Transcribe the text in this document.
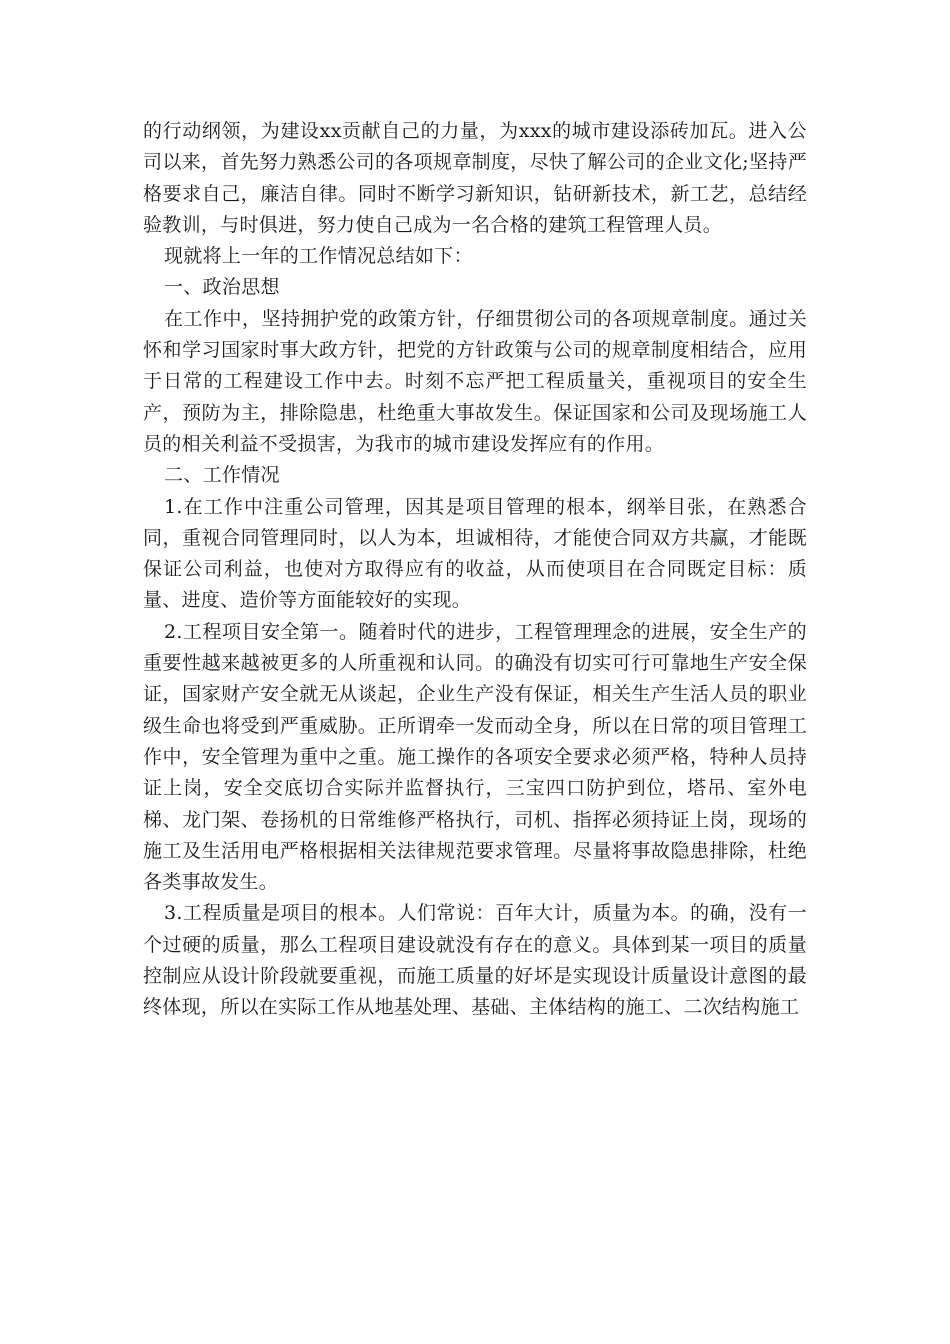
的行动纲领，为建设xx贡献自己的力量，为xxx的城市建设添砖加瓦。进入公司以来，首先努力熟悉公司的各项规章制度，尽快了解公司的企业文化;坚持严格要求自己，廉洁自律。同时不断学习新知识，钻研新技术，新工艺，总结经验教训，与时俱进，努力使自己成为一名合格的建筑工程管理人员。

现就将上一年的工作情况总结如下：

一、政治思想

在工作中，坚持拥护党的政策方针，仔细贯彻公司的各项规章制度。通过关怀和学习国家时事大政方针，把党的方针政策与公司的规章制度相结合，应用于日常的工程建设工作中去。时刻不忘严把工程质量关，重视项目的安全生产，预防为主，排除隐患，杜绝重大事故发生。保证国家和公司及现场施工人员的相关利益不受损害，为我市的城市建设发挥应有的作用。

二、工作情况

1.在工作中注重公司管理，因其是项目管理的根本，纲举目张，在熟悉合同，重视合同管理同时，以人为本，坦诚相待，才能使合同双方共赢，才能既保证公司利益，也使对方取得应有的收益，从而使项目在合同既定目标：质量、进度、造价等方面能较好的实现。

2.工程项目安全第一。随着时代的进步，工程管理理念的进展，安全生产的重要性越来越被更多的人所重视和认同。的确没有切实可行可靠地生产安全保证，国家财产安全就无从谈起，企业生产没有保证，相关生产生活人员的职业级生命也将受到严重威胁。正所谓牵一发而动全身，所以在日常的项目管理工作中，安全管理为重中之重。施工操作的各项安全要求必须严格，特种人员持证上岗，安全交底切合实际并监督执行，三宝四口防护到位，塔吊、室外电梯、龙门架、卷扬机的日常维修严格执行，司机、指挥必须持证上岗，现场的施工及生活用电严格根据相关法律规范要求管理。尽量将事故隐患排除，杜绝各类事故发生。

3.工程质量是项目的根本。人们常说：百年大计，质量为本。的确，没有一个过硬的质量，那么工程项目建设就没有存在的意义。具体到某一项目的质量控制应从设计阶段就要重视，而施工质量的好坏是实现设计质量设计意图的最终体现，所以在实际工作从地基处理、基础、主体结构的施工、二次结构施工
